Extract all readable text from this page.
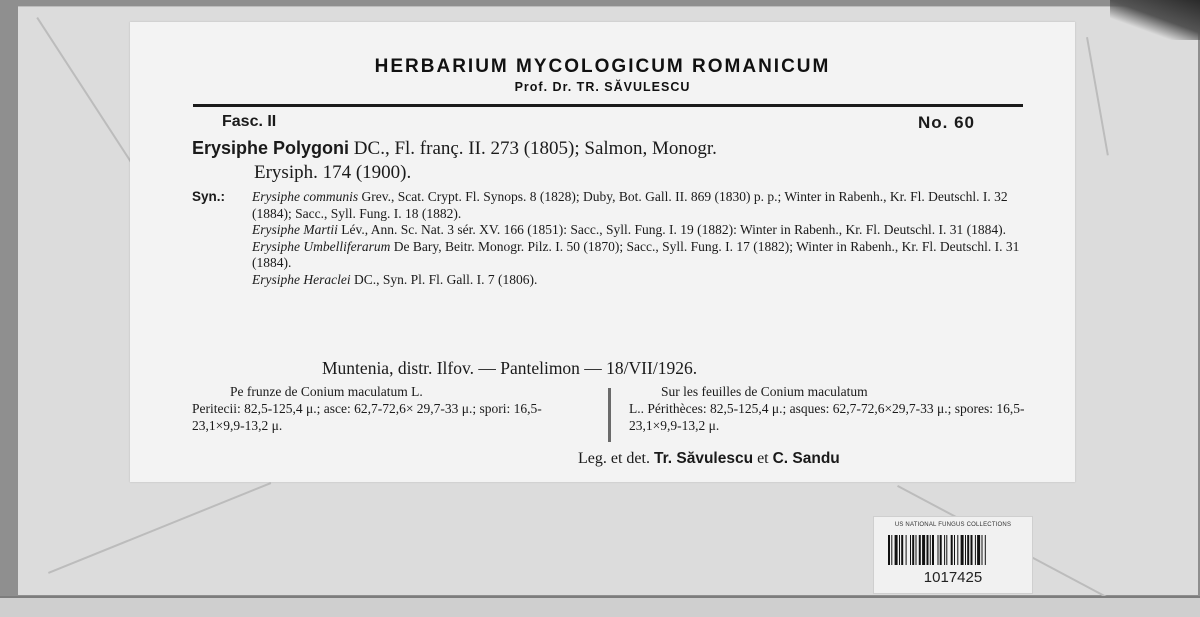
HERBARIUM MYCOLOGICUM ROMANICUM
Prof. Dr. TR. SĂVULESCU
Fasc. II	No. 60
Erysiphe Polygoni DC., Fl. franç. II. 273 (1805); Salmon, Monogr.
Erysiph. 174 (1900).
Syn.: Erysiphe communis Grev., Scat. Crypt. Fl. Synops. 8 (1828); Duby, Bot. Gall. II. 869 (1830) p. p.; Winter in Rabenh., Kr. Fl. Deutschl. I. 32 (1884); Sacc., Syll. Fung. I. 18 (1882).
Erysiphe Martii Lév., Ann. Sc. Nat. 3 sér. XV. 166 (1851): Sacc., Syll. Fung. I. 19 (1882): Winter in Rabenh., Kr. Fl. Deutschl. I. 31 (1884).
Erysiphe Umbelliferarum De Bary, Beitr. Monogr. Pilz. I. 50 (1870); Sacc., Syll. Fung. I. 17 (1882); Winter in Rabenh., Kr. Fl. Deutschl. I. 31 (1884).
Erysiphe Heraclei DC., Syn. Pl. Fl. Gall. I. 7 (1806).
Muntenia, distr. Ilfov. — Pantelimon — 18/VII/1926.
Pe frunze de Conium maculatum L.
Peritecii: 82,5-125,4 μ.; asce: 62,7-72,6× 29,7-33 μ.; spori: 16,5-23,1×9,9-13,2 μ.
Sur les feuilles de Conium maculatum
L.. Périthèces: 82,5-125,4 μ.; asques: 62,7-72,6×29,7-33 μ.; spores: 16,5-23,1×9,9-13,2 μ.
Leg. et det. Tr. Săvulescu et C. Sandu
US NATIONAL FUNGUS COLLECTIONS
1017425
